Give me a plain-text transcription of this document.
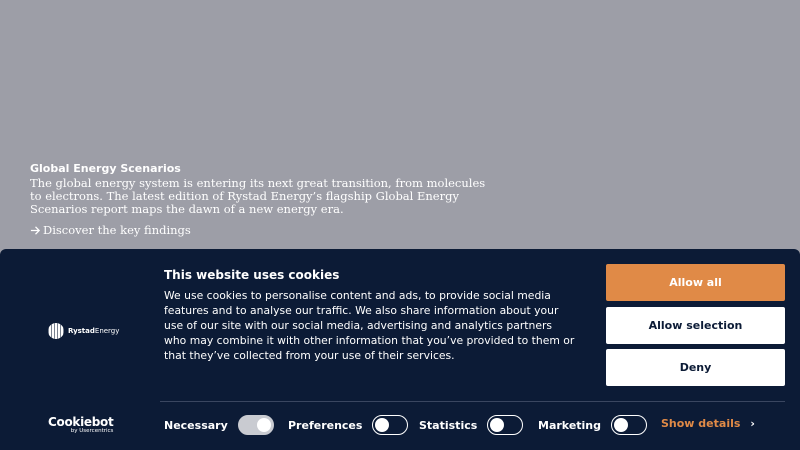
Global Energy Scenarios

The global energy system is entering its next great transition, from molecules to electrons. The latest edition of Rystad Energy’s flagship Global Energy Scenarios report maps the dawn of a new energy era.

Discover the key findings
RystadEnergy

This website uses cookies

We use cookies to personalise content and ads, to provide social media features and to analyse our traffic. We also share information about your use of our site with our social media, advertising and analytics partners who may combine it with other information that you’ve provided to them or that they’ve collected from your use of their services.

Allow all
Allow selection
Deny
Cookiebot
by Usercentrics	Necessary	Preferences	Statistics	Marketing	Show details ›
